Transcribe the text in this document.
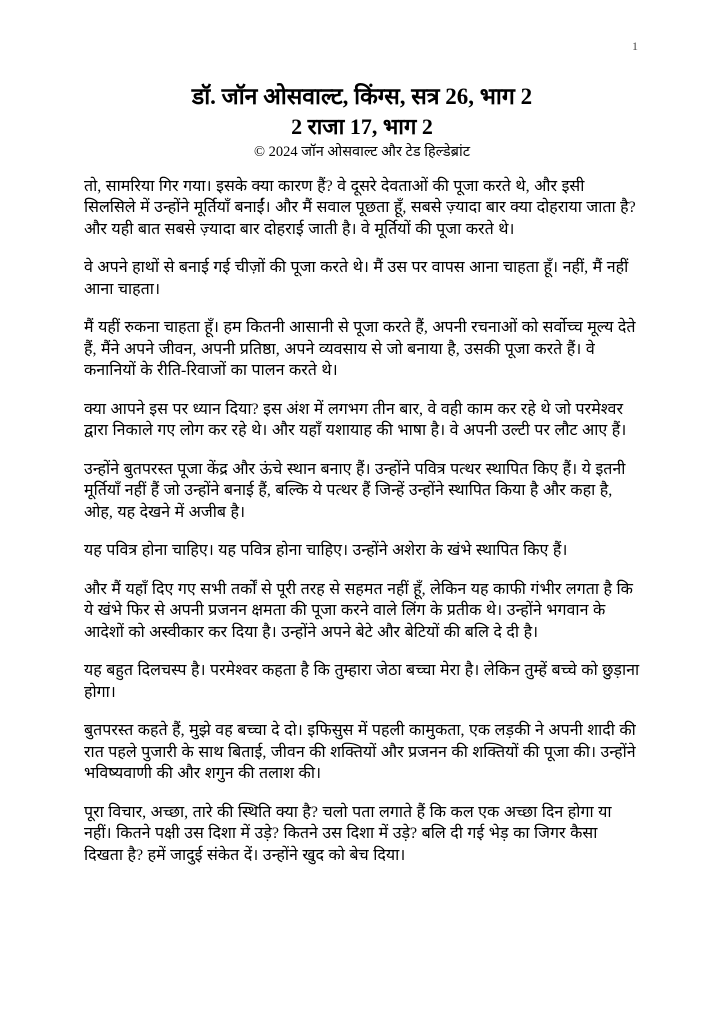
1
डॉ. जॉन ओसवाल्ट, किंग्स, सत्र 26, भाग 2
2 राजा 17, भाग 2

© 2024 जॉन ओसवाल्ट और टेड हिल्डेब्रांट

तो, सामरिया गिर गया। इसके क्या कारण हैं? वे दूसरे देवताओं की पूजा करते थे, और इसी सिलसिले में उन्होंने मूर्तियाँ बनाईं। और मैं सवाल पूछता हूँ, सबसे ज़्यादा बार क्या दोहराया जाता है? और यही बात सबसे ज़्यादा बार दोहराई जाती है। वे मूर्तियों की पूजा करते थे।

वे अपने हाथों से बनाई गई चीज़ों की पूजा करते थे। मैं उस पर वापस आना चाहता हूँ। नहीं, मैं नहीं आना चाहता।

मैं यहीं रुकना चाहता हूँ। हम कितनी आसानी से पूजा करते हैं, अपनी रचनाओं को सर्वोच्च मूल्य देते हैं, मैंने अपने जीवन, अपनी प्रतिष्ठा, अपने व्यवसाय से जो बनाया है, उसकी पूजा करते हैं। वे कनानियों के रीति-रिवाजों का पालन करते थे।

क्या आपने इस पर ध्यान दिया? इस अंश में लगभग तीन बार, वे वही काम कर रहे थे जो परमेश्वर द्वारा निकाले गए लोग कर रहे थे। और यहाँ यशायाह की भाषा है। वे अपनी उल्टी पर लौट आए हैं।

उन्होंने बुतपरस्त पूजा केंद्र और ऊंचे स्थान बनाए हैं। उन्होंने पवित्र पत्थर स्थापित किए हैं। ये इतनी मूर्तियाँ नहीं हैं जो उन्होंने बनाई हैं, बल्कि ये पत्थर हैं जिन्हें उन्होंने स्थापित किया है और कहा है, ओह, यह देखने में अजीब है।

यह पवित्र होना चाहिए। यह पवित्र होना चाहिए। उन्होंने अशेरा के खंभे स्थापित किए हैं।

और मैं यहाँ दिए गए सभी तर्कों से पूरी तरह से सहमत नहीं हूँ, लेकिन यह काफी गंभीर लगता है कि ये खंभे फिर से अपनी प्रजनन क्षमता की पूजा करने वाले लिंग के प्रतीक थे। उन्होंने भगवान के आदेशों को अस्वीकार कर दिया है। उन्होंने अपने बेटे और बेटियों की बलि दे दी है।

यह बहुत दिलचस्प है। परमेश्वर कहता है कि तुम्हारा जेठा बच्चा मेरा है। लेकिन तुम्हें बच्चे को छुड़ाना होगा।

बुतपरस्त कहते हैं, मुझे वह बच्चा दे दो। इफिसुस में पहली कामुकता, एक लड़की ने अपनी शादी की रात पहले पुजारी के साथ बिताई, जीवन की शक्तियों और प्रजनन की शक्तियों की पूजा की। उन्होंने भविष्यवाणी की और शगुन की तलाश की।

पूरा विचार, अच्छा, तारे की स्थिति क्या है? चलो पता लगाते हैं कि कल एक अच्छा दिन होगा या नहीं। कितने पक्षी उस दिशा में उड़े? कितने उस दिशा में उड़े? बलि दी गई भेड़ का जिगर कैसा दिखता है? हमें जादुई संकेत दें। उन्होंने खुद को बेच दिया।
